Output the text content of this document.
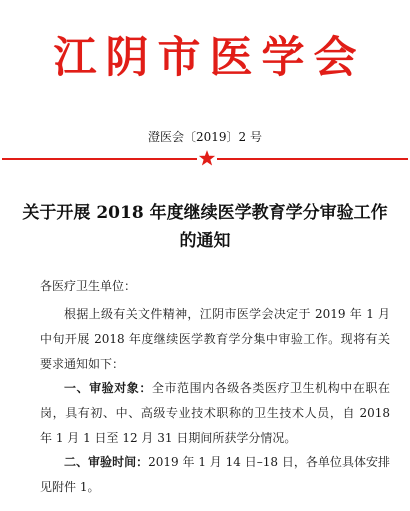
江阴市医学会
澄医会〔2019〕2 号
关于开展 2018 年度继续医学教育学分审验工作的通知
各医疗卫生单位：
根据上级有关文件精神，江阴市医学会决定于 2019 年 1 月中旬开展 2018 年度继续医学教育学分集中审验工作。现将有关要求通知如下：
一、审验对象：全市范围内各级各类医疗卫生机构中在职在岗，具有初、中、高级专业技术职称的卫生技术人员，自 2018 年 1 月 1 日至 12 月 31 日期间所获学分情况。
二、审验时间：2019 年 1 月 14 日–18 日，各单位具体安排见附件 1。
